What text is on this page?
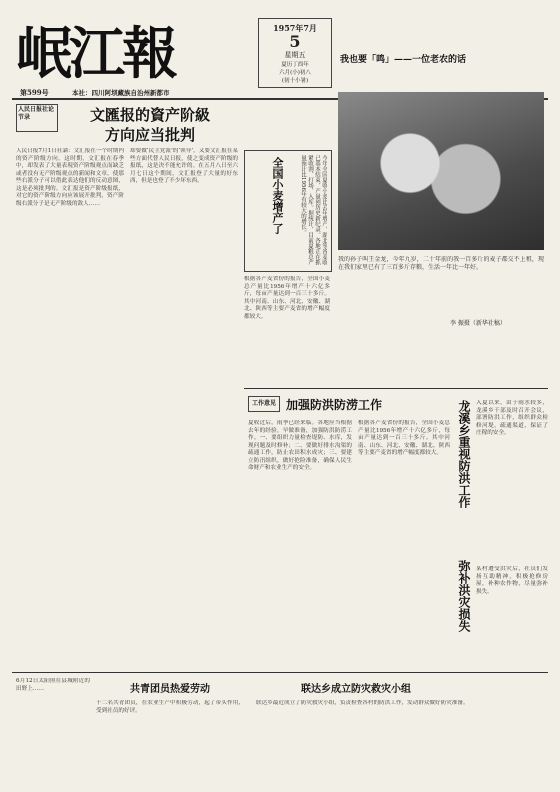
岷江報
第599号	本社：四川阿坝藏族自治州新都市
1957年7月
5
星期五
夏历丁酉年
六月(小)初八
(初十小暑)
我也要「鸣」——一位老农的话
人民日报社论节录	文匯报的資产阶級
方向应当批判
人民日报7月1日社論：文汇报在一个时期内的资产阶级方向。这时期，文汇报在春季中，却发表了大量表現资产阶级观点而缺乏或者没有无产阶级观点的新闻和文章，使那些右派分子可以借此表达他们的反动意图，这是必须批判的。文汇报是资产阶级报纸，对它的资产阶级方向应该展开批判，资产阶级右派分子是无产阶级的敌人……
却要做‘民主党派’的‘领导’，又要文汇报在某些方面代替人民日报，使之变成资产阶级的报纸，这是决不能允许的。在五月八日至六月七日这个期间，文汇报登了大量的好东西，但是也登了不少坏东西。	全国小麦增产了	今年全国夏收小麦比去年增产，湖北等省麦收已基本结束，产量创历史新纪录。各地正在抓紧收割、打场、入库。据统计，目前夏粮总产量预计比1956年有较大的增长。
根据各产麦省份的报告，全国小麦总产量比1956年增产十六亿多斤，每亩产量达到一百三十多斤。其中河南、山东、河北、安徽、湖北、陕西等主要产麦省的增产幅度都较大。
我的孙子叫王金龙，今年九岁，二十年前的我一百多斤的麦子都交不上租，现在我们家里已有了三百多斤存粮，生活一年比一年好。
李 振摄（新华社稿）
工作意见 加强防洪防涝工作
夏收过后，雨季已经来临。各地应当根据去年的经验，早做准备，加强防洪防涝工作。一、要组织力量检查堤防、水库，发现问题及时修补；二、要做好排水沟渠的疏通工作，防止农田积水成灾；三、要建立防汛组织，做好抢险准备，确保人民生命财产和农业生产的安全。
根据各产麦省份的报告，全国小麦总产量比1956年增产十六亿多斤，每亩产量达到一百三十多斤。其中河南、山东、河北、安徽、湖北、陕西等主要产麦省的增产幅度都较大。	龙溪乡重视防洪工作 入夏以来，由于雨水较多，龙溪乡干部及时召开会议，部署防洪工作，组织群众检修河堤，疏通渠道，保证了庄稼的安全。
弥补洪灾损失 某村遭受洪灾后，社员们发扬互助精神，积极抢修房屋，补种农作物，尽量弥补损失。
6月12日太阳照在县城附近的田野上……	共青团员热爱劳动
十二名共青团员，在农业生产中积极劳动，起了带头作用，受到社员的好评。
联达乡成立防灾救灾小组
联达乡最近成立了防灾救灾小组，负责检查各村的防洪工作，发动群众做好防灾准备。
